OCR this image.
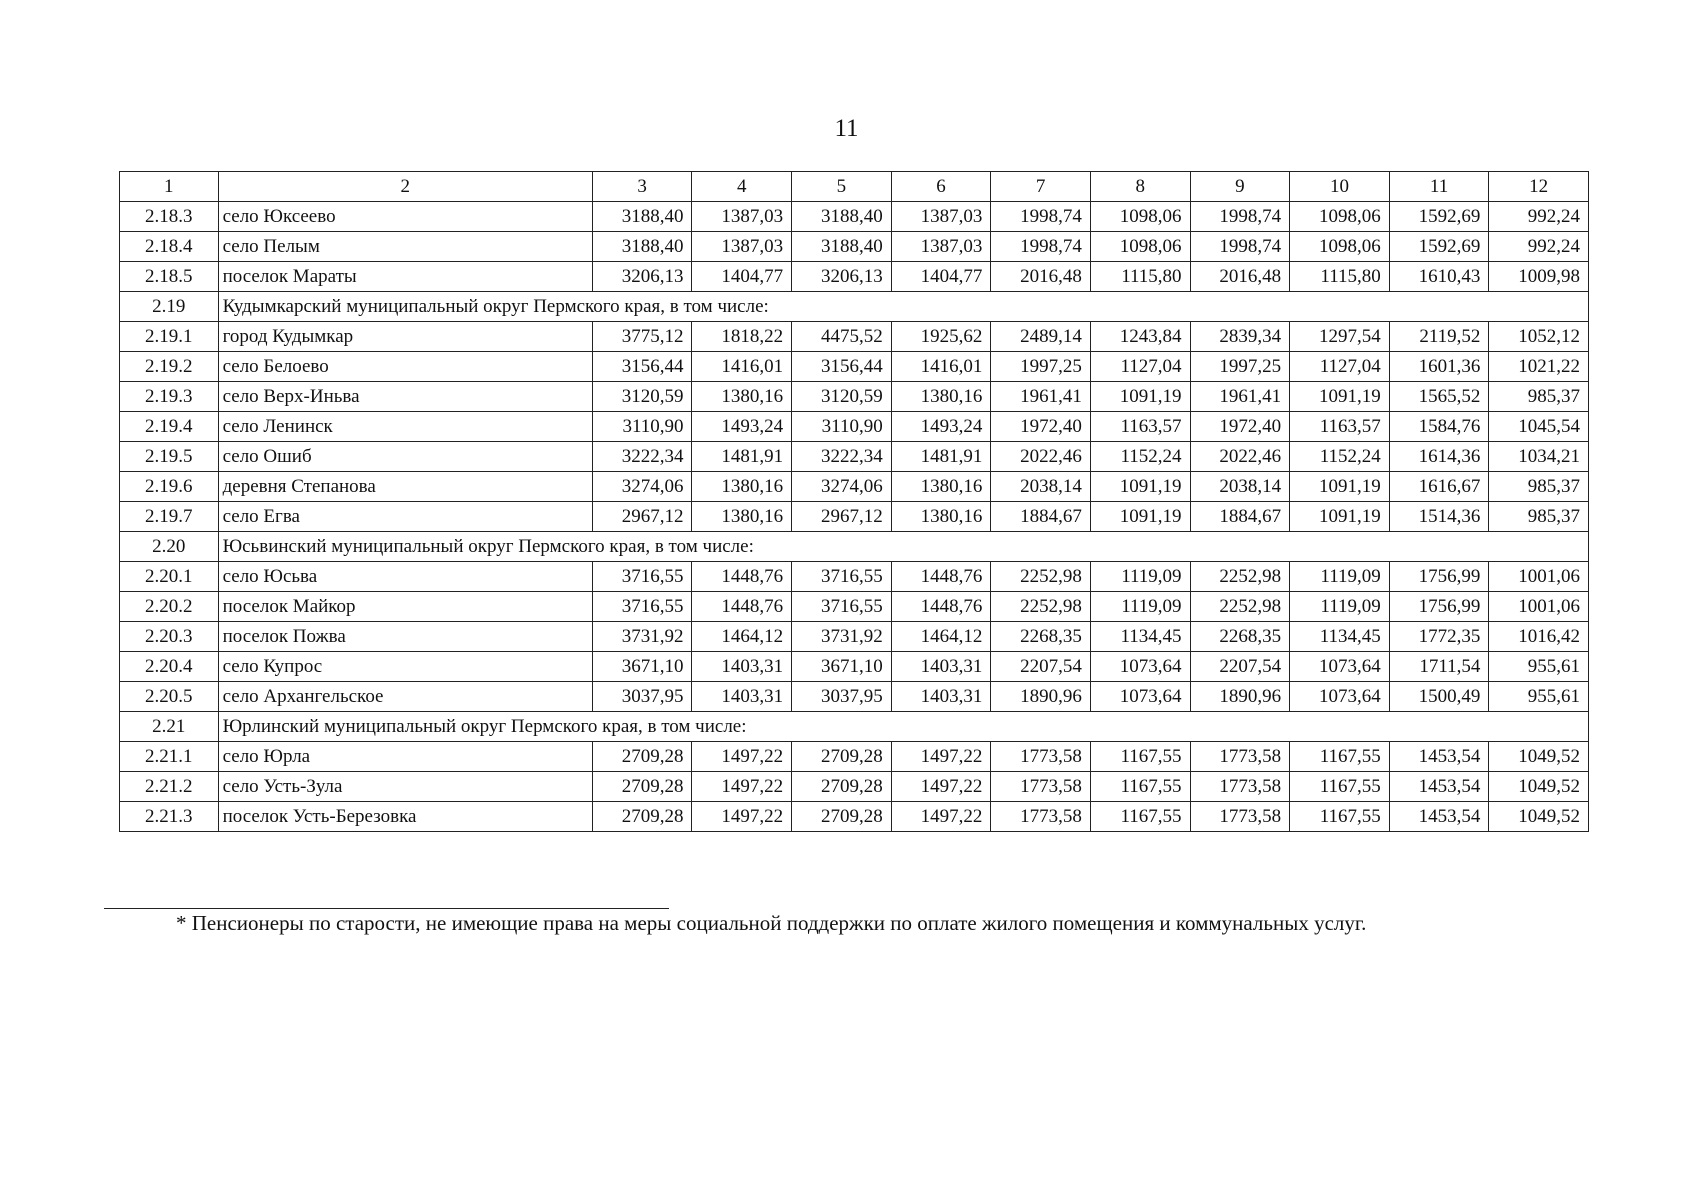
11
1	2	3	4	5	6	7	8	9	10	11	12
2.18.3	село Юксеево	3188,40	1387,03	3188,40	1387,03	1998,74	1098,06	1998,74	1098,06	1592,69	992,24
2.18.4	село Пелым	3188,40	1387,03	3188,40	1387,03	1998,74	1098,06	1998,74	1098,06	1592,69	992,24
2.18.5	поселок Мараты	3206,13	1404,77	3206,13	1404,77	2016,48	1115,80	2016,48	1115,80	1610,43	1009,98
2.19	Кудымкарский муниципальный округ Пермского края, в том числе:										
2.19.1	город Кудымкар	3775,12	1818,22	4475,52	1925,62	2489,14	1243,84	2839,34	1297,54	2119,52	1052,12
2.19.2	село Белоево	3156,44	1416,01	3156,44	1416,01	1997,25	1127,04	1997,25	1127,04	1601,36	1021,22
2.19.3	село Верх-Иньва	3120,59	1380,16	3120,59	1380,16	1961,41	1091,19	1961,41	1091,19	1565,52	985,37
2.19.4	село Ленинск	3110,90	1493,24	3110,90	1493,24	1972,40	1163,57	1972,40	1163,57	1584,76	1045,54
2.19.5	село Ошиб	3222,34	1481,91	3222,34	1481,91	2022,46	1152,24	2022,46	1152,24	1614,36	1034,21
2.19.6	деревня Степанова	3274,06	1380,16	3274,06	1380,16	2038,14	1091,19	2038,14	1091,19	1616,67	985,37
2.19.7	село Егва	2967,12	1380,16	2967,12	1380,16	1884,67	1091,19	1884,67	1091,19	1514,36	985,37
2.20	Юсьвинский муниципальный округ Пермского края, в том числе:										
2.20.1	село Юсьва	3716,55	1448,76	3716,55	1448,76	2252,98	1119,09	2252,98	1119,09	1756,99	1001,06
2.20.2	поселок Майкор	3716,55	1448,76	3716,55	1448,76	2252,98	1119,09	2252,98	1119,09	1756,99	1001,06
2.20.3	поселок Пожва	3731,92	1464,12	3731,92	1464,12	2268,35	1134,45	2268,35	1134,45	1772,35	1016,42
2.20.4	село Купрос	3671,10	1403,31	3671,10	1403,31	2207,54	1073,64	2207,54	1073,64	1711,54	955,61
2.20.5	село Архангельское	3037,95	1403,31	3037,95	1403,31	1890,96	1073,64	1890,96	1073,64	1500,49	955,61
2.21	Юрлинский муниципальный округ Пермского края, в том числе:										
2.21.1	село Юрла	2709,28	1497,22	2709,28	1497,22	1773,58	1167,55	1773,58	1167,55	1453,54	1049,52
2.21.2	село Усть-Зула	2709,28	1497,22	2709,28	1497,22	1773,58	1167,55	1773,58	1167,55	1453,54	1049,52
2.21.3	поселок Усть-Березовка	2709,28	1497,22	2709,28	1497,22	1773,58	1167,55	1773,58	1167,55	1453,54	1049,52
* Пенсионеры по старости, не имеющие права на меры социальной поддержки по оплате жилого помещения и коммунальных услуг.
